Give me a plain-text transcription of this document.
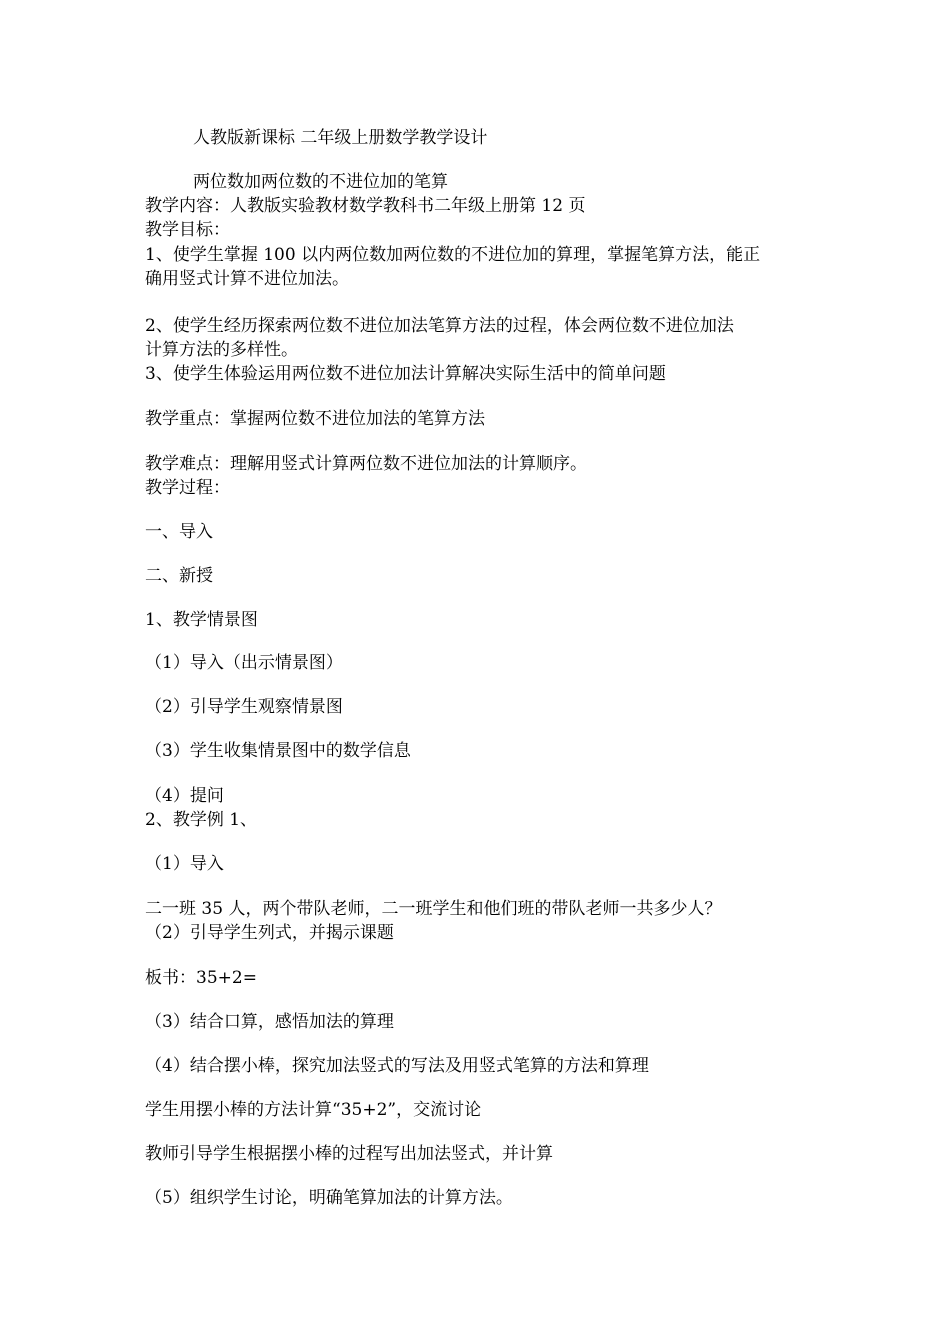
人教版新课标 二年级上册数学教学设计

两位数加两位数的不进位加的笔算

教学内容：人教版实验教材数学教科书二年级上册第 12 页

教学目标：

1、使学生掌握 100 以内两位数加两位数的不进位加的算理，掌握笔算方法，能正

确用竖式计算不进位加法。

2、使学生经历探索两位数不进位加法笔算方法的过程，体会两位数不进位加法

计算方法的多样性。

3、使学生体验运用两位数不进位加法计算解决实际生活中的简单问题

教学重点：掌握两位数不进位加法的笔算方法

教学难点：理解用竖式计算两位数不进位加法的计算顺序。

教学过程：

一、导入

二、新授

1、教学情景图

（1）导入（出示情景图）

（2）引导学生观察情景图

（3）学生收集情景图中的数学信息

（4）提问

2、教学例 1、

（1）导入

二一班 35 人，两个带队老师，二一班学生和他们班的带队老师一共多少人？

（2）引导学生列式，并揭示课题

板书：35+2=

（3）结合口算，感悟加法的算理

（4）结合摆小棒，探究加法竖式的写法及用竖式笔算的方法和算理

学生用摆小棒的方法计算“35+2”，交流讨论

教师引导学生根据摆小棒的过程写出加法竖式，并计算

（5）组织学生讨论，明确笔算加法的计算方法。
